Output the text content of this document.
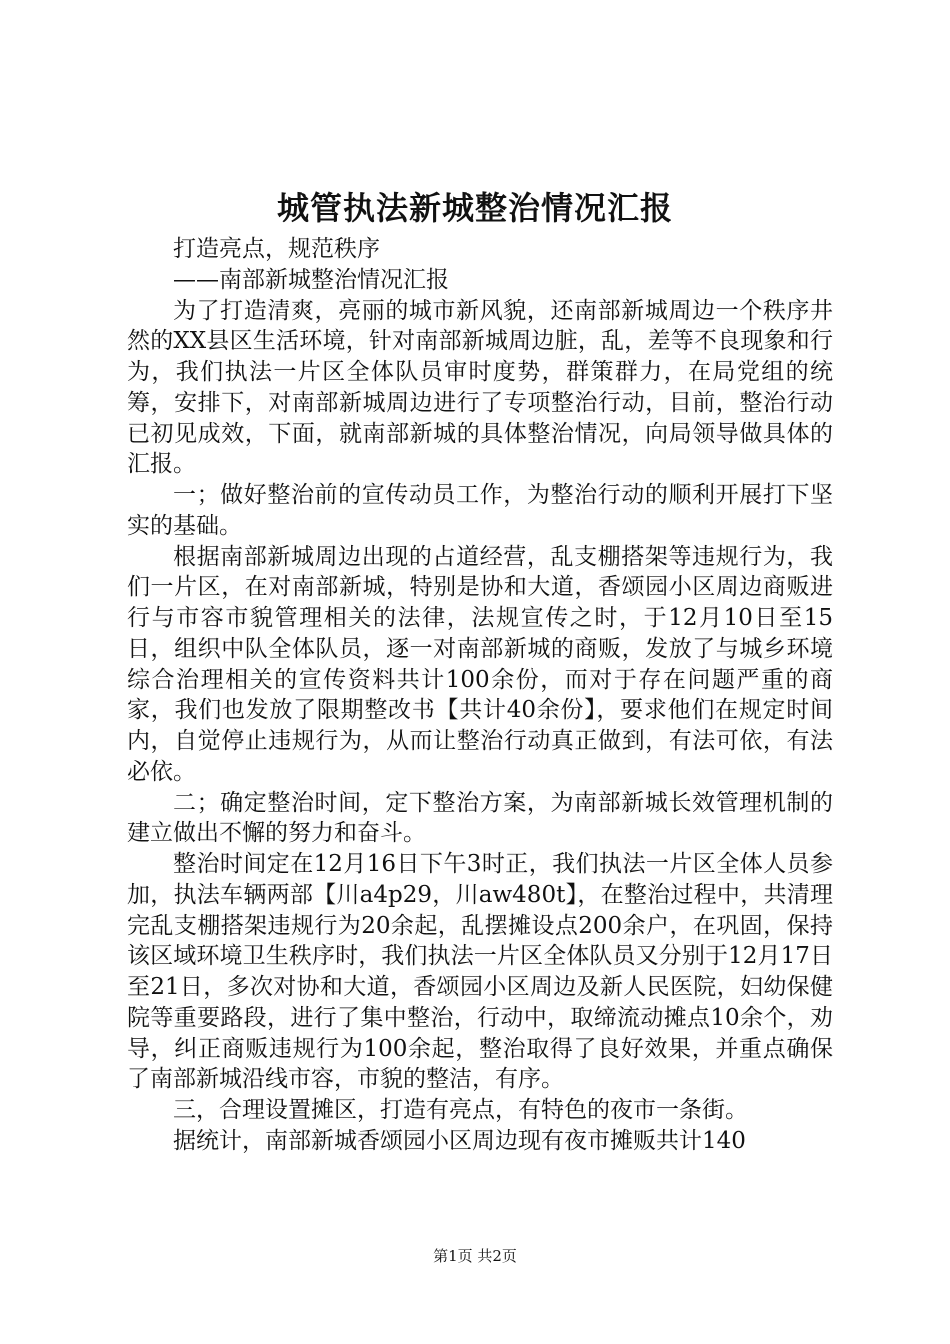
城管执法新城整治情况汇报

打造亮点，规范秩序

——南部新城整治情况汇报

为了打造清爽，亮丽的城市新风貌，还南部新城周边一个秩序井然的XX县区生活环境，针对南部新城周边脏，乱，差等不良现象和行为，我们执法一片区全体队员审时度势，群策群力，在局党组的统筹，安排下，对南部新城周边进行了专项整治行动，目前，整治行动已初见成效，下面，就南部新城的具体整治情况，向局领导做具体的汇报。

一；做好整治前的宣传动员工作，为整治行动的顺利开展打下坚实的基础。

根据南部新城周边出现的占道经营，乱支棚搭架等违规行为，我们一片区，在对南部新城，特别是协和大道，香颂园小区周边商贩进行与市容市貌管理相关的法律，法规宣传之时，于12月10日至15日，组织中队全体队员，逐一对南部新城的商贩，发放了与城乡环境综合治理相关的宣传资料共计100余份，而对于存在问题严重的商家，我们也发放了限期整改书【共计40余份】，要求他们在规定时间内，自觉停止违规行为，从而让整治行动真正做到，有法可依，有法必依。

二；确定整治时间，定下整治方案，为南部新城长效管理机制的建立做出不懈的努力和奋斗。

整治时间定在12月16日下午3时正，我们执法一片区全体人员参加，执法车辆两部【川a4p29，川aw480t】，在整治过程中，共清理完乱支棚搭架违规行为20余起，乱摆摊设点200余户，在巩固，保持该区域环境卫生秩序时，我们执法一片区全体队员又分别于12月17日至21日，多次对协和大道，香颂园小区周边及新人民医院，妇幼保健院等重要路段，进行了集中整治，行动中，取缔流动摊点10余个，劝导，纠正商贩违规行为100余起，整治取得了良好效果，并重点确保了南部新城沿线市容，市貌的整洁，有序。

三，合理设置摊区，打造有亮点，有特色的夜市一条街。

据统计，南部新城香颂园小区周边现有夜市摊贩共计140

第1页 共2页
